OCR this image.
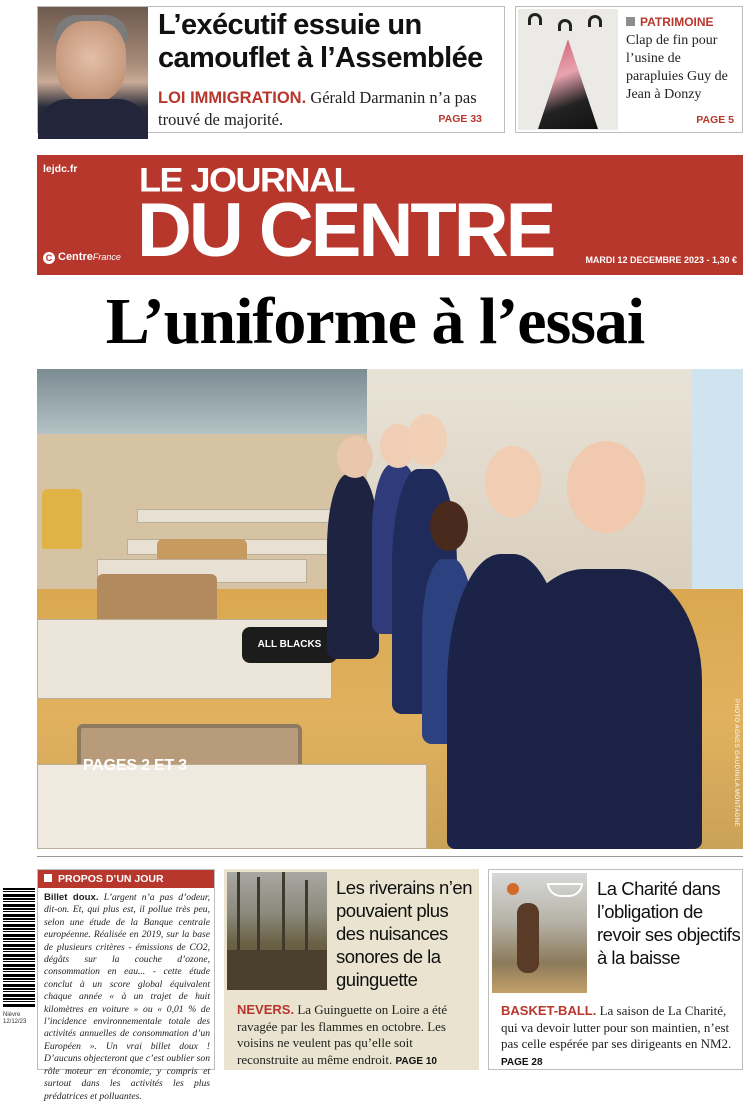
L’exécutif essuie un camouflet à l’Assemblée
LOI IMMIGRATION. Gérald Darmanin n’a pas trouvé de majorité.	PAGE 33
PATRIMOINE
Clap de fin pour l’usine de parapluies Guy de Jean à Donzy
PAGE 5
lejdc.fr LE JOURNAL
DU CENTRE
C CentreFrance	MARDI 12 DECEMBRE 2023 - 1,30 €
L’uniforme à l’essai
ALL BLACKS
PHOTO AGNES GAUDIN/LA MONTAGNE
PAGES 2 ET 3
Nièvre 12/12/23
PROPOS D’UN JOUR
Billet doux. L’argent n’a pas d’odeur, dit-on. Et, qui plus est, il pollue très peu, selon une étude de la Banque centrale européenne. Réalisée en 2019, sur la base de plusieurs critères - émissions de CO2, dégâts sur la couche d’ozone, consommation en eau... - cette étude conclut à un score global équivalent chaque année « à un trajet de huit kilomètres en voiture » ou « 0,01 % de l’incidence environnementale totale des activités annuelles de consommation d’un Européen ». Un vrai billet doux ! D’aucuns objecteront que c’est oublier son rôle moteur en économie, y compris et surtout dans les activités les plus prédatrices et polluantes.
Les riverains n’en pouvaient plus des nuisances sonores de la guinguette
NEVERS. La Guinguette on Loire a été ravagée par les flammes en octobre. Les voisins ne veulent pas qu’elle soit reconstruite au même endroit. PAGE 10
La Charité dans l’obligation de revoir ses objectifs à la baisse
BASKET-BALL. La saison de La Charité, qui va devoir lutter pour son maintien, n’est pas celle espérée par ses dirigeants en NM2. PAGE 28
